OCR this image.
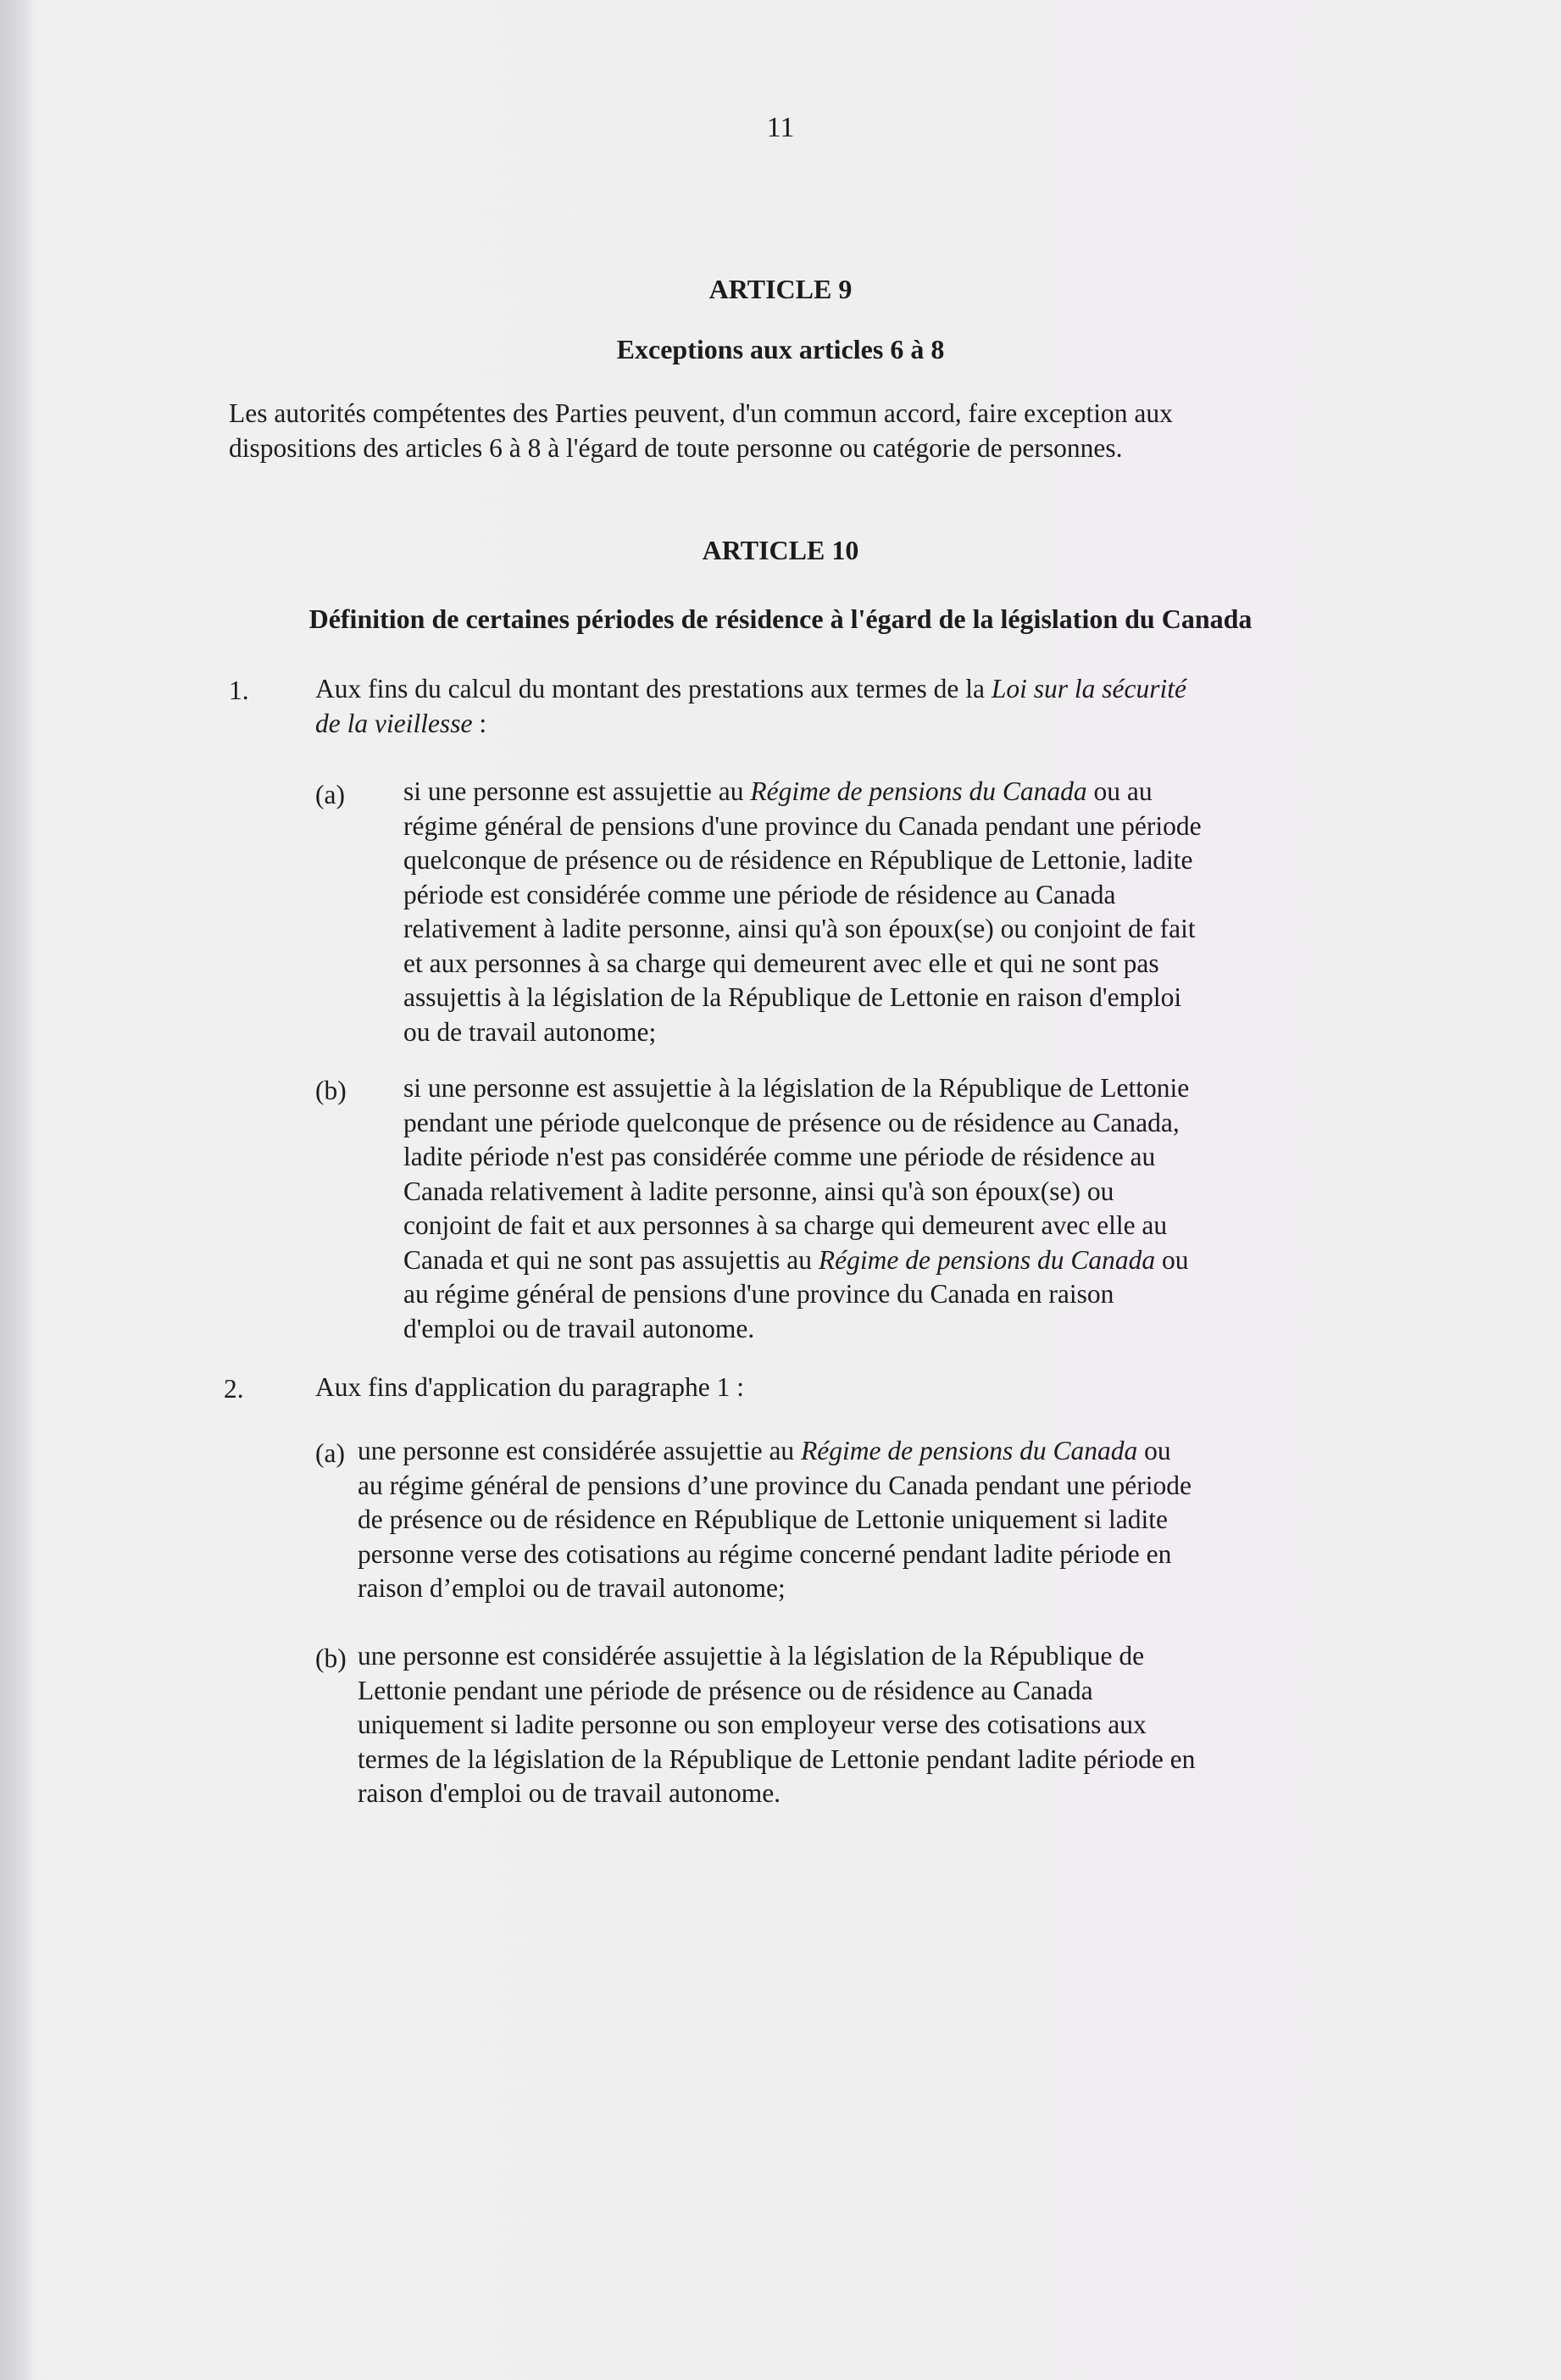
11
ARTICLE 9
Exceptions aux articles 6 à 8

Les autorités compétentes des Parties peuvent, d'un commun accord, faire exception aux

dispositions des articles 6 à 8 à l'égard de toute personne ou catégorie de personnes.

ARTICLE 10
Définition de certaines périodes de résidence à l'égard de la législation du Canada
1. Aux fins du calcul du montant des prestations aux termes de la Loi sur la sécurité

de la vieillesse :

(a) si une personne est assujettie au Régime de pensions du Canada ou au

régime général de pensions d'une province du Canada pendant une période

quelconque de présence ou de résidence en République de Lettonie, ladite

période est considérée comme une période de résidence au Canada

relativement à ladite personne, ainsi qu'à son époux(se) ou conjoint de fait

et aux personnes à sa charge qui demeurent avec elle et qui ne sont pas

assujettis à la législation de la République de Lettonie en raison d'emploi

ou de travail autonome;

(b) si une personne est assujettie à la législation de la République de Lettonie

pendant une période quelconque de présence ou de résidence au Canada,

ladite période n'est pas considérée comme une période de résidence au

Canada relativement à ladite personne, ainsi qu'à son époux(se) ou

conjoint de fait et aux personnes à sa charge qui demeurent avec elle au

Canada et qui ne sont pas assujettis au Régime de pensions du Canada ou

au régime général de pensions d'une province du Canada en raison

d'emploi ou de travail autonome.

2.	Aux fins d'application du paragraphe 1 :

(a) une personne est considérée assujettie au Régime de pensions du Canada ou

au régime général de pensions d’une province du Canada pendant une période

de présence ou de résidence en République de Lettonie uniquement si ladite

personne verse des cotisations au régime concerné pendant ladite période en

raison d’emploi ou de travail autonome;

(b) une personne est considérée assujettie à la législation de la République de

Lettonie pendant une période de présence ou de résidence au Canada

uniquement si ladite personne ou son employeur verse des cotisations aux

termes de la législation de la République de Lettonie pendant ladite période en

raison d'emploi ou de travail autonome.
